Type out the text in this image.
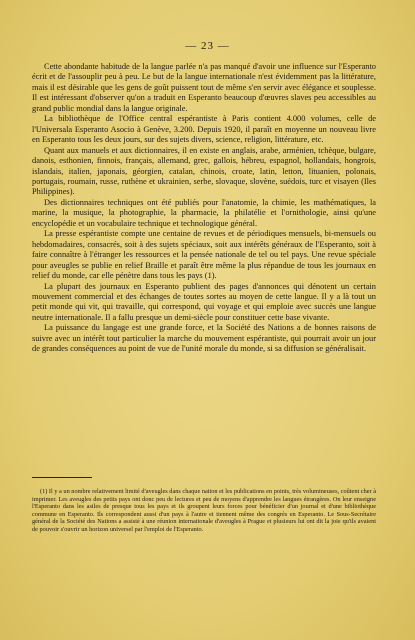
— 23 —

Cette abondante habitude de la langue parlée n'a pas manqué d'avoir une influence sur l'Esperanto écrit et de l'assouplir peu à peu. Le but de la langue internationale n'est évidemment pas la littérature, mais il est désirable que les gens de goût puissent tout de même s'en servir avec élégance et souplesse. Il est intéressant d'observer qu'on a traduit en Esperanto beaucoup d'œuvres slaves peu accessibles au grand public mondial dans la langue originale.

La bibliothèque de l'Office central espérantiste à Paris contient 4.000 volumes, celle de l'Universala Esperanto Asocio à Genève, 3.200. Depuis 1920, il paraît en moyenne un nouveau livre en Esperanto tous les deux jours, sur des sujets divers, science, religion, littérature, etc.

Quant aux manuels et aux dictionnaires, il en existe en anglais, arabe, arménien, tchèque, bulgare, danois, esthonien, finnois, français, allemand, grec, gallois, hébreu, espagnol, hollandais, hongrois, islandais, italien, japonais, géorgien, catalan, chinois, croate, latin, letton, lituanien, polonais, portugais, roumain, russe, ruthène et ukrainien, serbe, slovaque, slovène, suédois, turc et visayen (Iles Philippines).

Des dictionnaires techniques ont été publiés pour l'anatomie, la chimie, les mathématiques, la marine, la musique, la photographie, la pharmacie, la philatélie et l'ornithologie, ainsi qu'une encyclopédie et un vocabulaire technique et technologique général.

La presse espérantiste compte une centaine de revues et de périodiques mensuels, bi-mensuels ou hebdomadaires, consacrés, soit à des sujets spéciaux, soit aux intérêts généraux de l'Esperanto, soit à faire connaître à l'étranger les ressources et la pensée nationale de tel ou tel pays. Une revue spéciale pour aveugles se publie en relief Braille et paraît être même la plus répandue de tous les journaux en relief du monde, car elle pénètre dans tous les pays (1).

La plupart des journaux en Esperanto publient des pages d'annonces qui dénotent un certain mouvement commercial et des échanges de toutes sortes au moyen de cette langue. Il y a là tout un petit monde qui vit, qui travaille, qui correspond, qui voyage et qui emploie avec succès une langue neutre internationale. Il a fallu presque un demi-siècle pour constituer cette base vivante.

La puissance du langage est une grande force, et la Société des Nations a de bonnes raisons de suivre avec un intérêt tout particulier la marche du mouvement espérantiste, qui pourrait avoir un jour de grandes conséquences au point de vue de l'unité morale du monde, si sa diffusion se généralisait.

(1) Il y a un nombre relativement limité d'aveugles dans chaque nation et les publications en points, très volumineuses, coûtent cher à imprimer. Les aveugles des petits pays ont donc peu de lectures et peu de moyens d'apprendre les langues étrangères. On leur enseigne l'Esperanto dans les asiles de presque tous les pays et ils groupent leurs forces pour bénéficier d'un journal et d'une bibliothèque commune en Esperanto. Ils correspondent aussi d'un pays à l'autre et tiennent même des congrès en Esperanto. Le Sous-Secrétaire général de la Société des Nations a assisté à une réunion internationale d'aveugles à Prague et plusieurs lui ont dit la joie qu'ils avaient de pouvoir s'ouvrir un horizon universel par l'emploi de l'Esperanto.
